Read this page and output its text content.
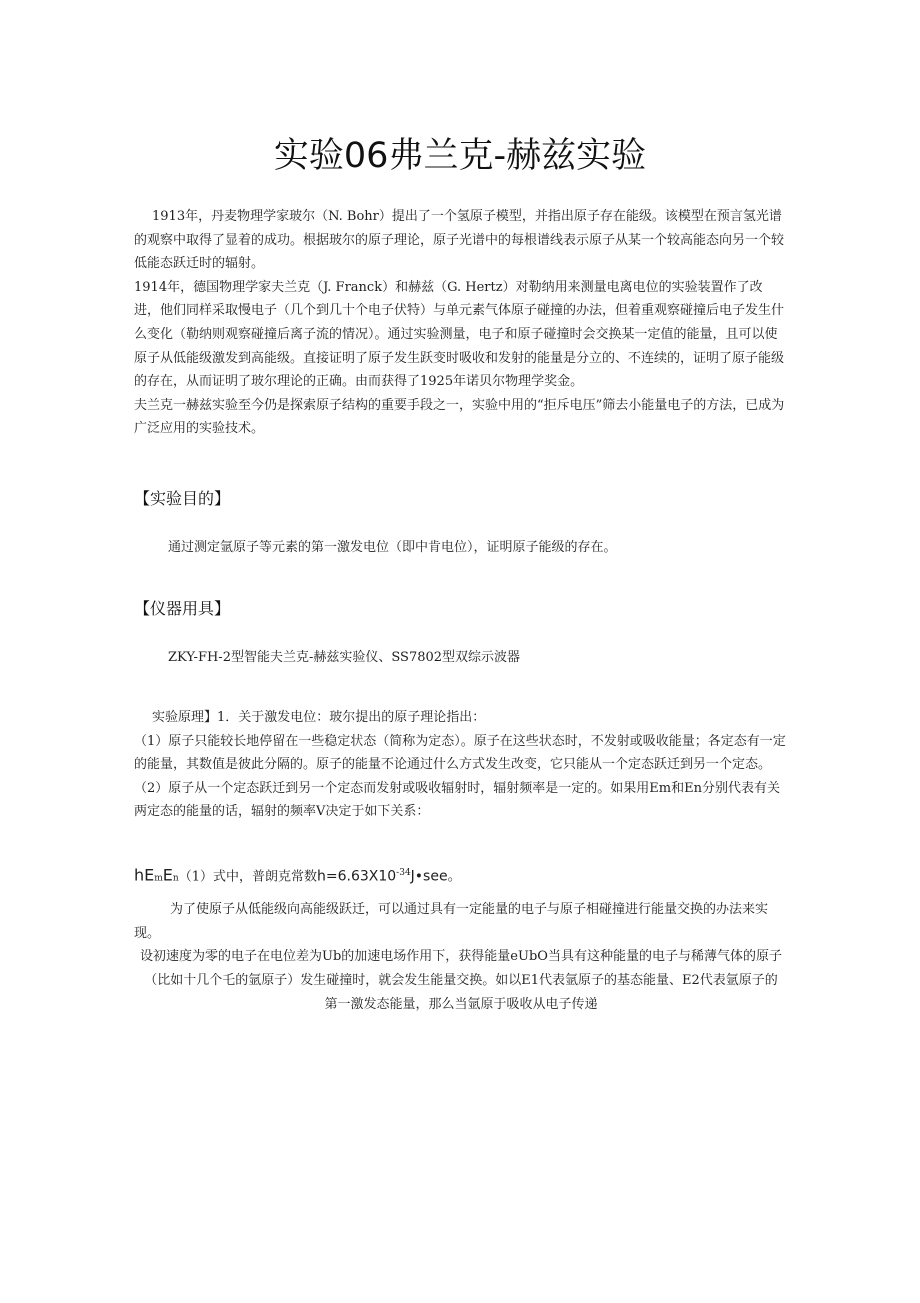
实验06弗兰克-赫兹实验

1913年，丹麦物理学家玻尔（N. Bohr）提出了一个氢原子模型，并指出原子存在能级。该模型在预言氢光谱的观察中取得了显着的成功。根据玻尔的原子理论，原子光谱中的每根谱线表示原子从某一个较高能态向另一个较低能态跃迁时的辐射。

1914年，德国物理学家夫兰克（J. Franck）和赫兹（G. Hertz）对勒纳用来测量电离电位的实验装置作了改进，他们同样采取慢电子（几个到几十个电子伏特）与单元素气体原子碰撞的办法，但着重观察碰撞后电子发生什么变化（勒纳则观察碰撞后离子流的情况）。通过实验测量，电子和原子碰撞时会交换某一定值的能量，且可以使原子从低能级激发到高能级。直接证明了原子发生跃变时吸收和发射的能量是分立的、不连续的，证明了原子能级的存在，从而证明了玻尔理论的正确。由而获得了1925年诺贝尔物理学奖金。

夫兰克一赫兹实验至今仍是探索原子结构的重要手段之一，实验中用的“拒斥电压”筛去小能量电子的方法，已成为广泛应用的实验技术。

【实验目的】
通过测定氩原子等元素的第一激发电位（即中肯电位），证明原子能级的存在。
【仪器用具】
ZKY-FH-2型智能夫兰克-赫兹实验仪、SS7802型双综示波器

实验原理】1．关于激发电位：玻尔提出的原子理论指出：

（1）原子只能较长地停留在一些稳定状态（简称为定态）。原子在这些状态时，不发射或吸收能量；各定态有一定的能量，其数值是彼此分隔的。原子的能量不论通过什么方式发生改变，它只能从一个定态跃迁到另一个定态。

（2）原子从一个定态跃迁到另一个定态而发射或吸收辐射时，辐射频率是一定的。如果用Em和En分别代表有关两定态的能量的话，辐射的频率V决定于如下关系：

hEmEn（1）式中，普朗克常数$h=6.63X10^{-34}J•see$。

为了使原子从低能级向高能级跃迁，可以通过具有一定能量的电子与原子相碰撞进行能量交换的办法来实现。

设初速度为零的电子在电位差为Ub的加速电场作用下，获得能量eUbO当具有这种能量的电子与稀薄气体的原子
（比如十几个乇的氩原子）发生碰撞时，就会发生能量交换。如以E1代表氩原子的基态能量、E2代表氩原子的
第一激发态能量，那么当氩原于吸收从电子传递
